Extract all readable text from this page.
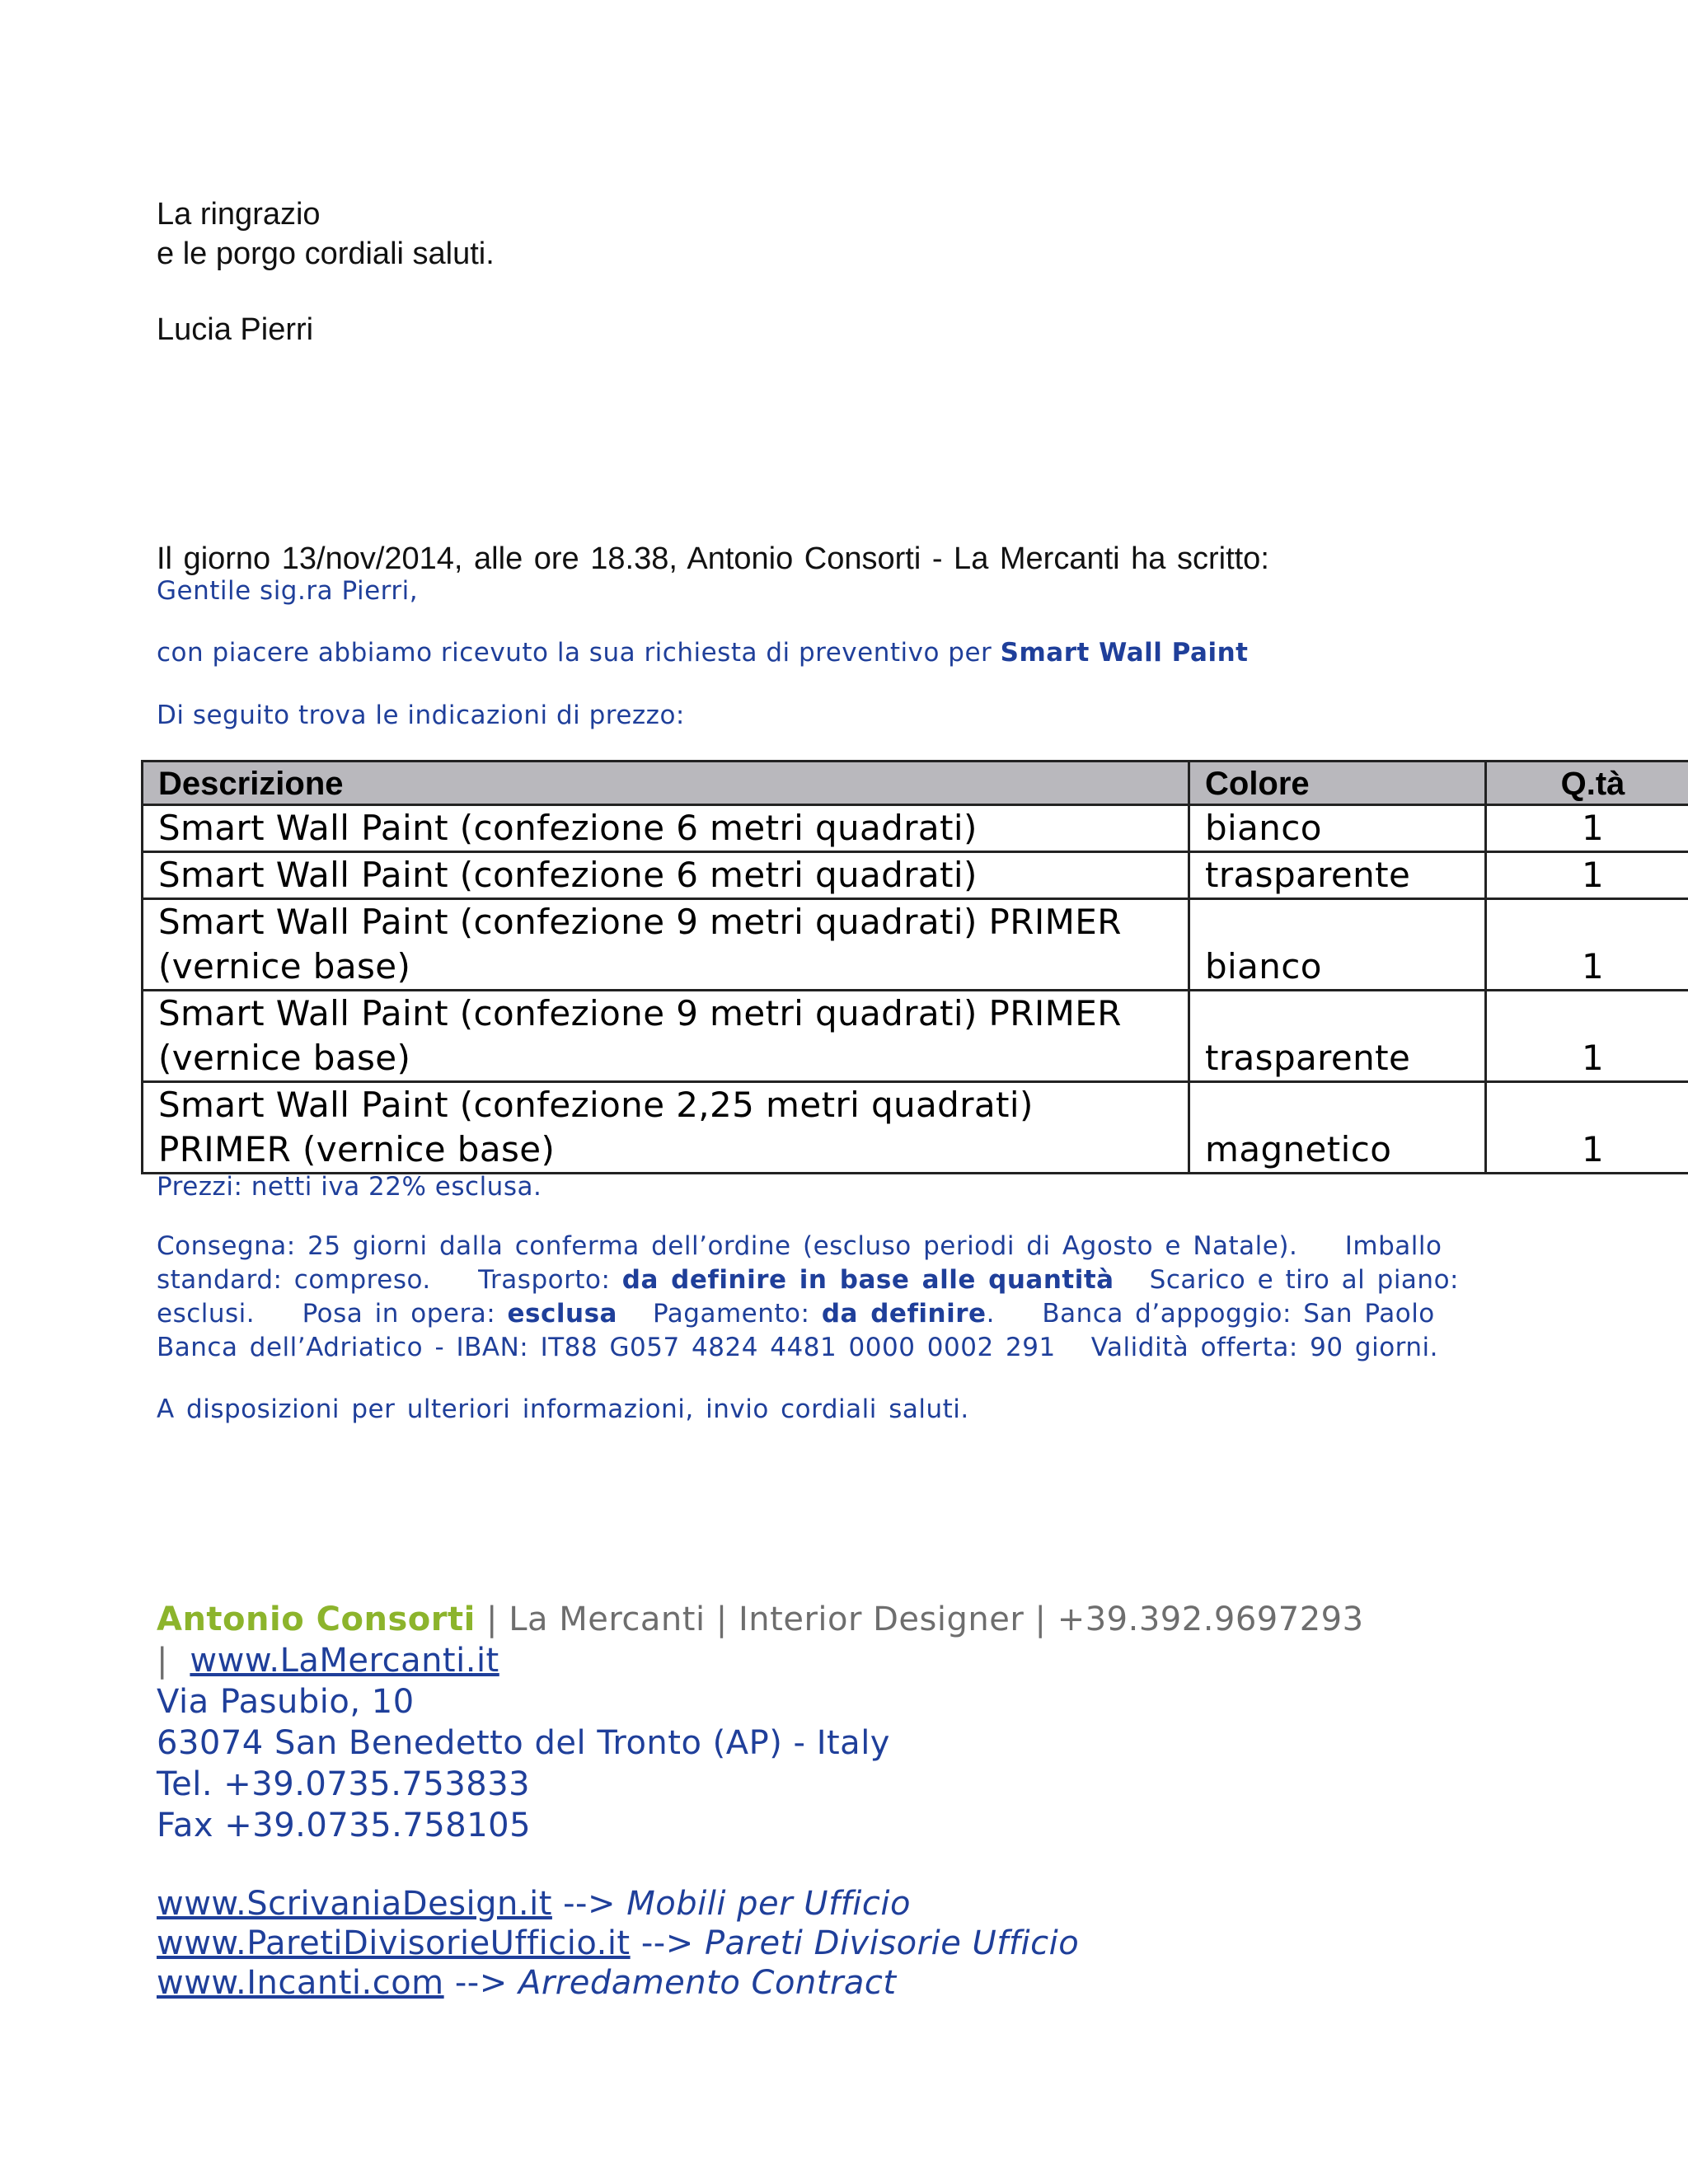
La ringrazio
e le porgo cordiali saluti.
Lucia Pierri
Il giorno 13/nov/2014, alle ore 18.38, Antonio Consorti - La Mercanti ha scritto:
Gentile sig.ra Pierri,
con piacere abbiamo ricevuto la sua richiesta di preventivo per Smart Wall Paint
Di seguito trova le indicazioni di prezzo:
Descrizione	Colore	Q.tà
Smart Wall Paint (confezione 6 metri quadrati)	bianco	1
Smart Wall Paint (confezione 6 metri quadrati)	trasparente	1
Smart Wall Paint (confezione 9 metri quadrati) PRIMER (vernice base)	bianco	1
Smart Wall Paint (confezione 9 metri quadrati) PRIMER (vernice base)	trasparente	1
Smart Wall Paint (confezione 2,25 metri quadrati) PRIMER (vernice base)	magnetico	1
Prezzi: netti iva 22% esclusa.
Consegna: 25 giorni dalla conferma dell’ordine (escluso periodi di Agosto e Natale). Imballo standard: compreso. Trasporto: da definire in base alle quantità Scarico e tiro al piano: esclusi. Posa in opera: esclusa Pagamento: da definire.    Banca d’appoggio: San Paolo Banca dell’Adriatico - IBAN: IT88 G057 4824 4481 0000 0002 291 Validità offerta: 90 giorni.
A disposizioni per ulteriori informazioni, invio cordiali saluti.
Antonio Consorti | La Mercanti | Interior Designer | +39.392.9697293
|  www.LaMercanti.it
Via Pasubio, 10
63074 San Benedetto del Tronto (AP) - Italy
Tel. +39.0735.753833
Fax +39.0735.758105
www.ScrivaniaDesign.it --> Mobili per Ufficio
www.ParetiDivisorieUfficio.it --> Pareti Divisorie Ufficio
www.Incanti.com --> Arredamento Contract
